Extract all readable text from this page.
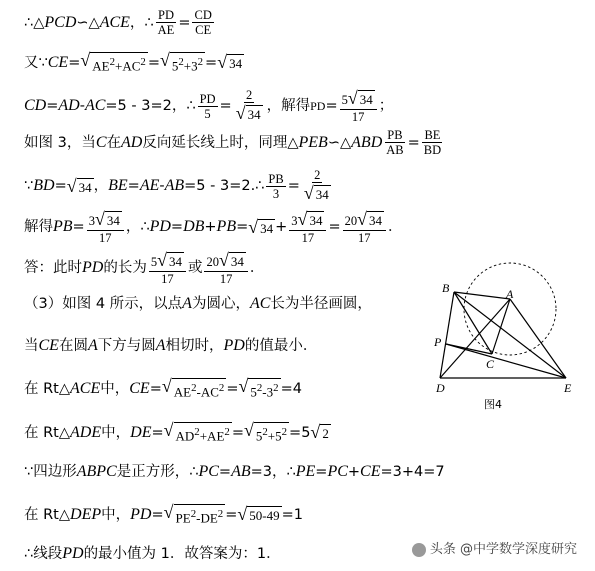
∴△ PCD ∽△ ACE ，∴ $\frac{PD}{AE} = \frac{CD}{CE}$
又∵ CE = √ $AE^2+AC^2$ = √ $5^2+3^2$ = √ 34
CD = AD - AC =5 - 3=2，∴ $\frac{PD}{5} = \frac{2}{√ 34}$ ，解得 PD = $\frac{5 √ 34}{17}$ ；
如图 3，当 C 在 AD 反向延长线上时，同理△ PEB ∽△ ABD $\frac{PB}{AB} = \frac{BE}{BD}$
∵ BD = √ 34 ， BE = AE - AB =5 - 3=2.∴ $\frac{PB}{3} = \frac{2}{√ 34}$
解得 PB = $\frac{3 √ 34}{17}$ ，∴ PD = DB + PB = √ $34 + \frac{3 √ 34}{17} = \frac{20 √ 34}{17}$ ．
答：此时 PD 的长为 $\frac{5 √ 34}{17}$ 或 $\frac{20 √ 34}{17}$ ．
（3）如图 4 所示，以点 A 为圆心， AC 长为半径画圆，
当 CE 在圆 A 下方与圆 A 相切时， PD 的值最小．
在 Rt△ ACE 中， CE = √ $AE^2-AC^2$ = √ $5^2-3^2 =4$
在 Rt△ ADE 中， DE = √ $AD^2+AE^2$ = √ $5^2+5^2 =5$ √ 2
∵四边形 ABPC 是正方形，∴ PC = AB =3，∴ PE = PC + CE =3+4=7
在 Rt△ DEP 中， PD = √ $PE^2-DE^2$ = √ 50-49 =1
∴线段 PD 的最小值为 1．故答案为：1．
B	A
P
C
D	E
图4
头条 @中学数学深度研究
